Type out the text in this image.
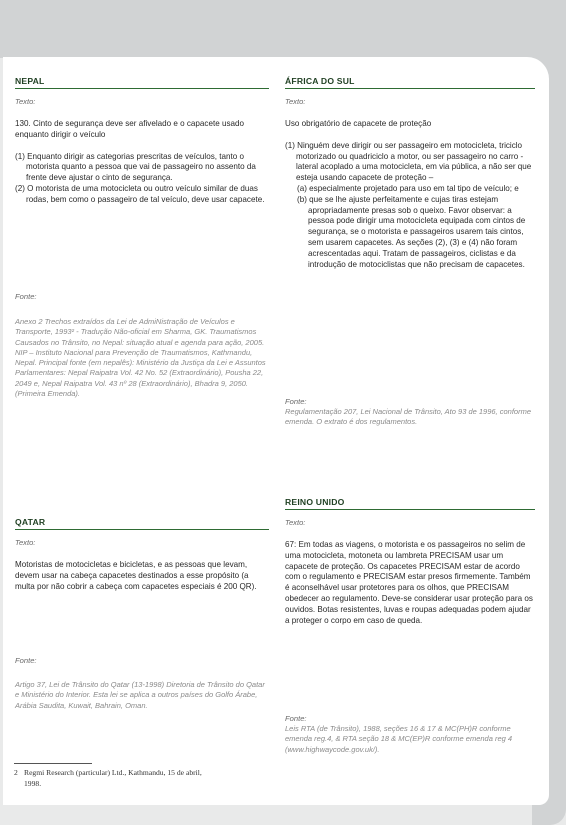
NEPAL
Texto:

130. Cinto de segurança deve ser afivelado e o capacete usado enquanto dirigir o veículo

(1) Enquanto dirigir as categorias prescritas de veículos, tanto o motorista quanto a pessoa que vai de passageiro no assento da frente deve ajustar o cinto de segurança.

(2) O motorista de uma motocicleta ou outro veículo similar de duas rodas, bem como o passageiro de tal veículo, deve usar capacete.

Fonte:

Anexo 2 Trechos extraídos da Lei de AdmiNistração de Veículos e Transporte, 1993² - Tradução Não-oficial em Sharma, GK. Traumatismos Causados no Trânsito, no Nepal: situação atual e agenda para ação, 2005. NIP – Instituto Nacional para Prevenção de Traumatismos, Kathmandu, Nepal. Principal fonte (em nepalês): Ministério da Justiça da Lei e Assuntos Parlamentares: Nepal Raipatra Vol. 42 No. 52 (Extraordinário), Pousha 22, 2049 e, Nepal Raipatra Vol. 43 nº 28 (Extraordinário), Bhadra 9, 2050. (Primeira Emenda).

ÁFRICA DO SUL
Texto:

Uso obrigatório de capacete de proteção

(1) Ninguém deve dirigir ou ser passageiro em motocicleta, triciclo motorizado ou quadriciclo a motor, ou ser passageiro no carro - lateral acoplado a uma motocicleta, em via pública, a não ser que esteja usando capacete de proteção –

(a) especialmente projetado para uso em tal tipo de veículo; e

(b) que se lhe ajuste perfeitamente e cujas tiras estejam apropriadamente presas sob o queixo. Favor observar: a pessoa pode dirigir uma motocicleta equipada com cintos de segurança, se o motorista e passageiros usarem tais cintos, sem usarem capacetes. As seções (2), (3) e (4) não foram acrescentadas aqui. Tratam de passageiros, ciclistas e da introdução de motociclistas que não precisam de capacetes.

Fonte:

Regulamentação 207, Lei Nacional de Trânsito, Ato 93 de 1996, conforme emenda. O extrato é dos regulamentos.

QATAR
Texto:

Motoristas de motocicletas e bicicletas, e as pessoas que levam, devem usar na cabeça capacetes destinados a esse propósito (a multa por não cobrir a cabeça com capacetes especiais é 200 QR).

Fonte:

Artigo 37, Lei de Trânsito do Qatar (13-1998) Diretoria de Trânsito do Qatar e Ministério do Interior. Esta lei se aplica a outros países do Golfo Árabe, Arábia Saudita, Kuwait, Bahrain, Oman.

REINO UNIDO
Texto:

67: Em todas as viagens, o motorista e os passageiros no selim de uma motocicleta, motoneta ou lambreta PRECISAM usar um capacete de proteção. Os capacetes PRECISAM estar de acordo com o regulamento e PRECISAM estar presos firmemente. Também é aconselhável usar protetores para os olhos, que PRECISAM obedecer ao regulamento. Deve-se considerar usar proteção para os ouvidos. Botas resistentes, luvas e roupas adequadas podem ajudar a proteger o corpo em caso de queda.

Fonte:

Leis RTA (de Trânsito), 1988, seções 16 & 17 & MC(PH)R conforme emenda reg.4, & RTA seção 18 & MC(EP)R conforme emenda reg 4 (www.highwaycode.gov.uk/).

2 Regmi Research (particular) Ltd., Kathmandu, 15 de abril,
1998.
